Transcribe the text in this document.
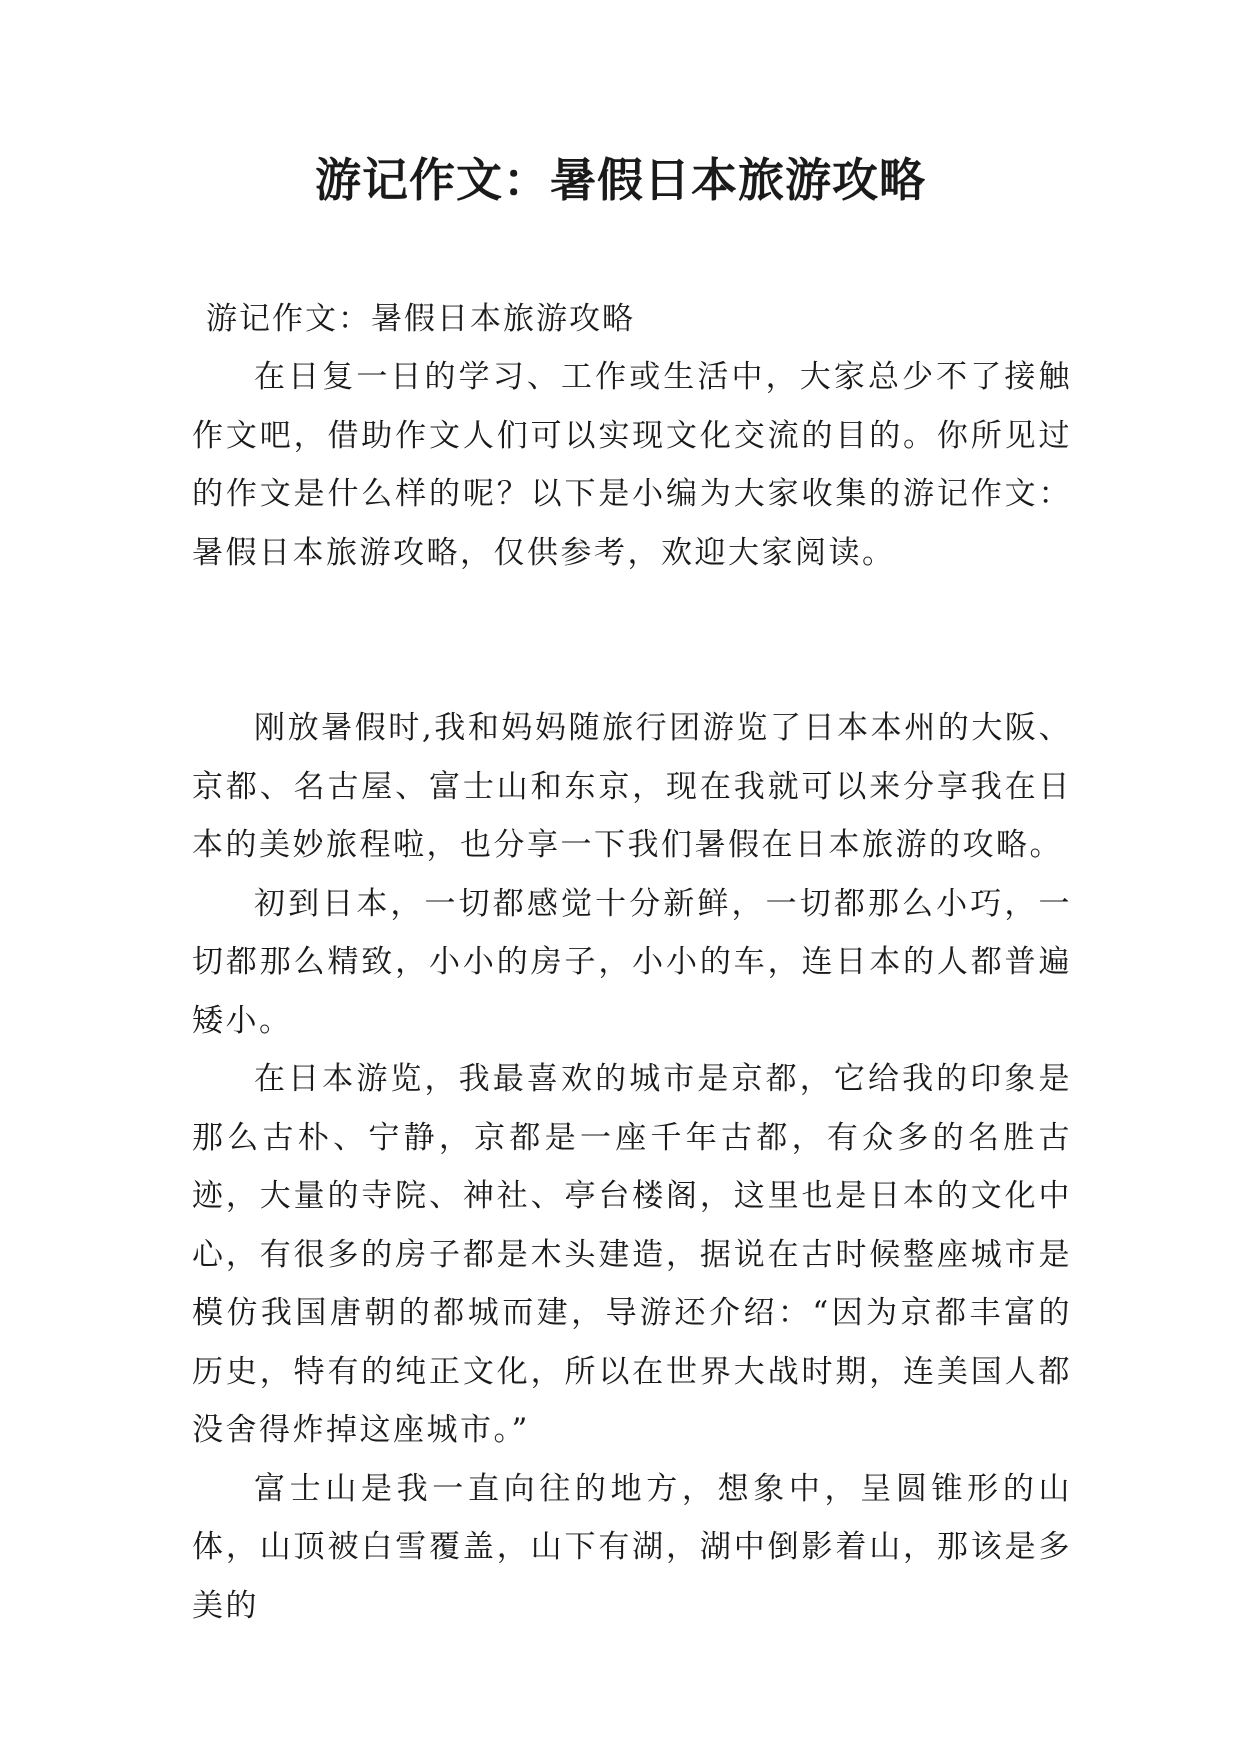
游记作文：暑假日本旅游攻略

游记作文：暑假日本旅游攻略

在日复一日的学习、工作或生活中，大家总少不了接触作文吧，借助作文人们可以实现文化交流的目的。你所见过的作文是什么样的呢？以下是小编为大家收集的游记作文：暑假日本旅游攻略，仅供参考，欢迎大家阅读。

刚放暑假时,我和妈妈随旅行团游览了日本本州的大阪、京都、名古屋、富士山和东京，现在我就可以来分享我在日本的美妙旅程啦，也分享一下我们暑假在日本旅游的攻略。

初到日本，一切都感觉十分新鲜，一切都那么小巧，一切都那么精致，小小的房子，小小的车，连日本的人都普遍矮小。

在日本游览，我最喜欢的城市是京都，它给我的印象是那么古朴、宁静，京都是一座千年古都，有众多的名胜古迹，大量的寺院、神社、亭台楼阁，这里也是日本的文化中心，有很多的房子都是木头建造，据说在古时候整座城市是模仿我国唐朝的都城而建，导游还介绍：“因为京都丰富的历史，特有的纯正文化，所以在世界大战时期，连美国人都没舍得炸掉这座城市。”

富士山是我一直向往的地方，想象中，呈圆锥形的山体，山顶被白雪覆盖，山下有湖，湖中倒影着山，那该是多美的
